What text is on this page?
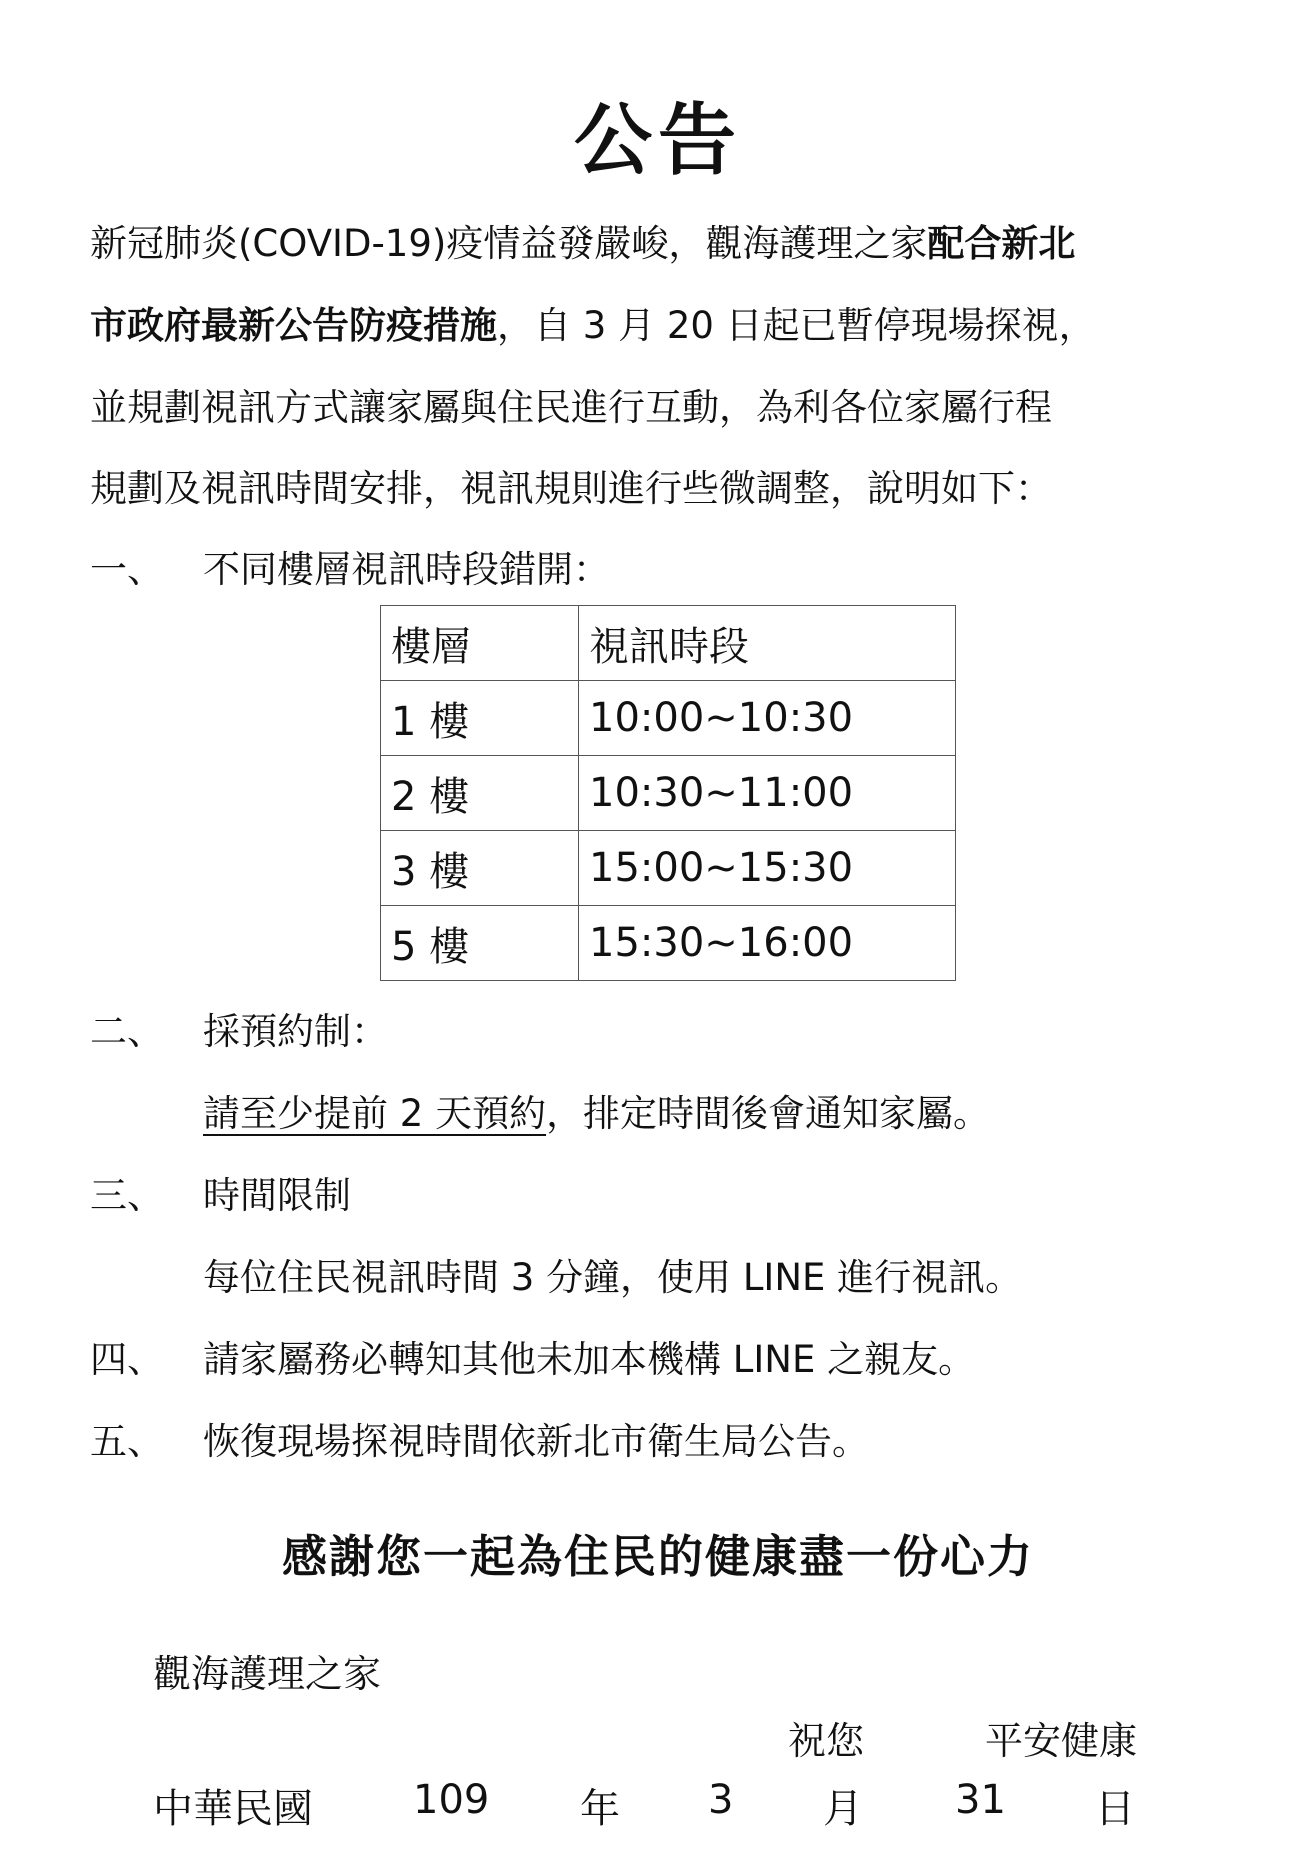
公告
新冠肺炎(COVID-19)疫情益發嚴峻，觀海護理之家配合新北
市政府最新公告防疫措施，自 3 月 20 日起已暫停現場探視，
並規劃視訊方式讓家屬與住民進行互動，為利各位家屬行程
規劃及視訊時間安排，視訊規則進行些微調整，說明如下：
一、 不同樓層視訊時段錯開：
樓層	視訊時段
1 樓	10:00~10:30
2 樓	10:30~11:00
3 樓	15:00~15:30
5 樓	15:30~16:00
二、 採預約制：
請至少提前 2 天預約，排定時間後會通知家屬。
三、 時間限制
每位住民視訊時間 3 分鐘，使用 LINE 進行視訊。
四、 請家屬務必轉知其他未加本機構 LINE 之親友。
五、 恢復現場探視時間依新北市衛生局公告。
感謝您一起為住民的健康盡一份心力
觀海護理之家
祝您	平安健康
中華民國	109 年 3 月 31 日
